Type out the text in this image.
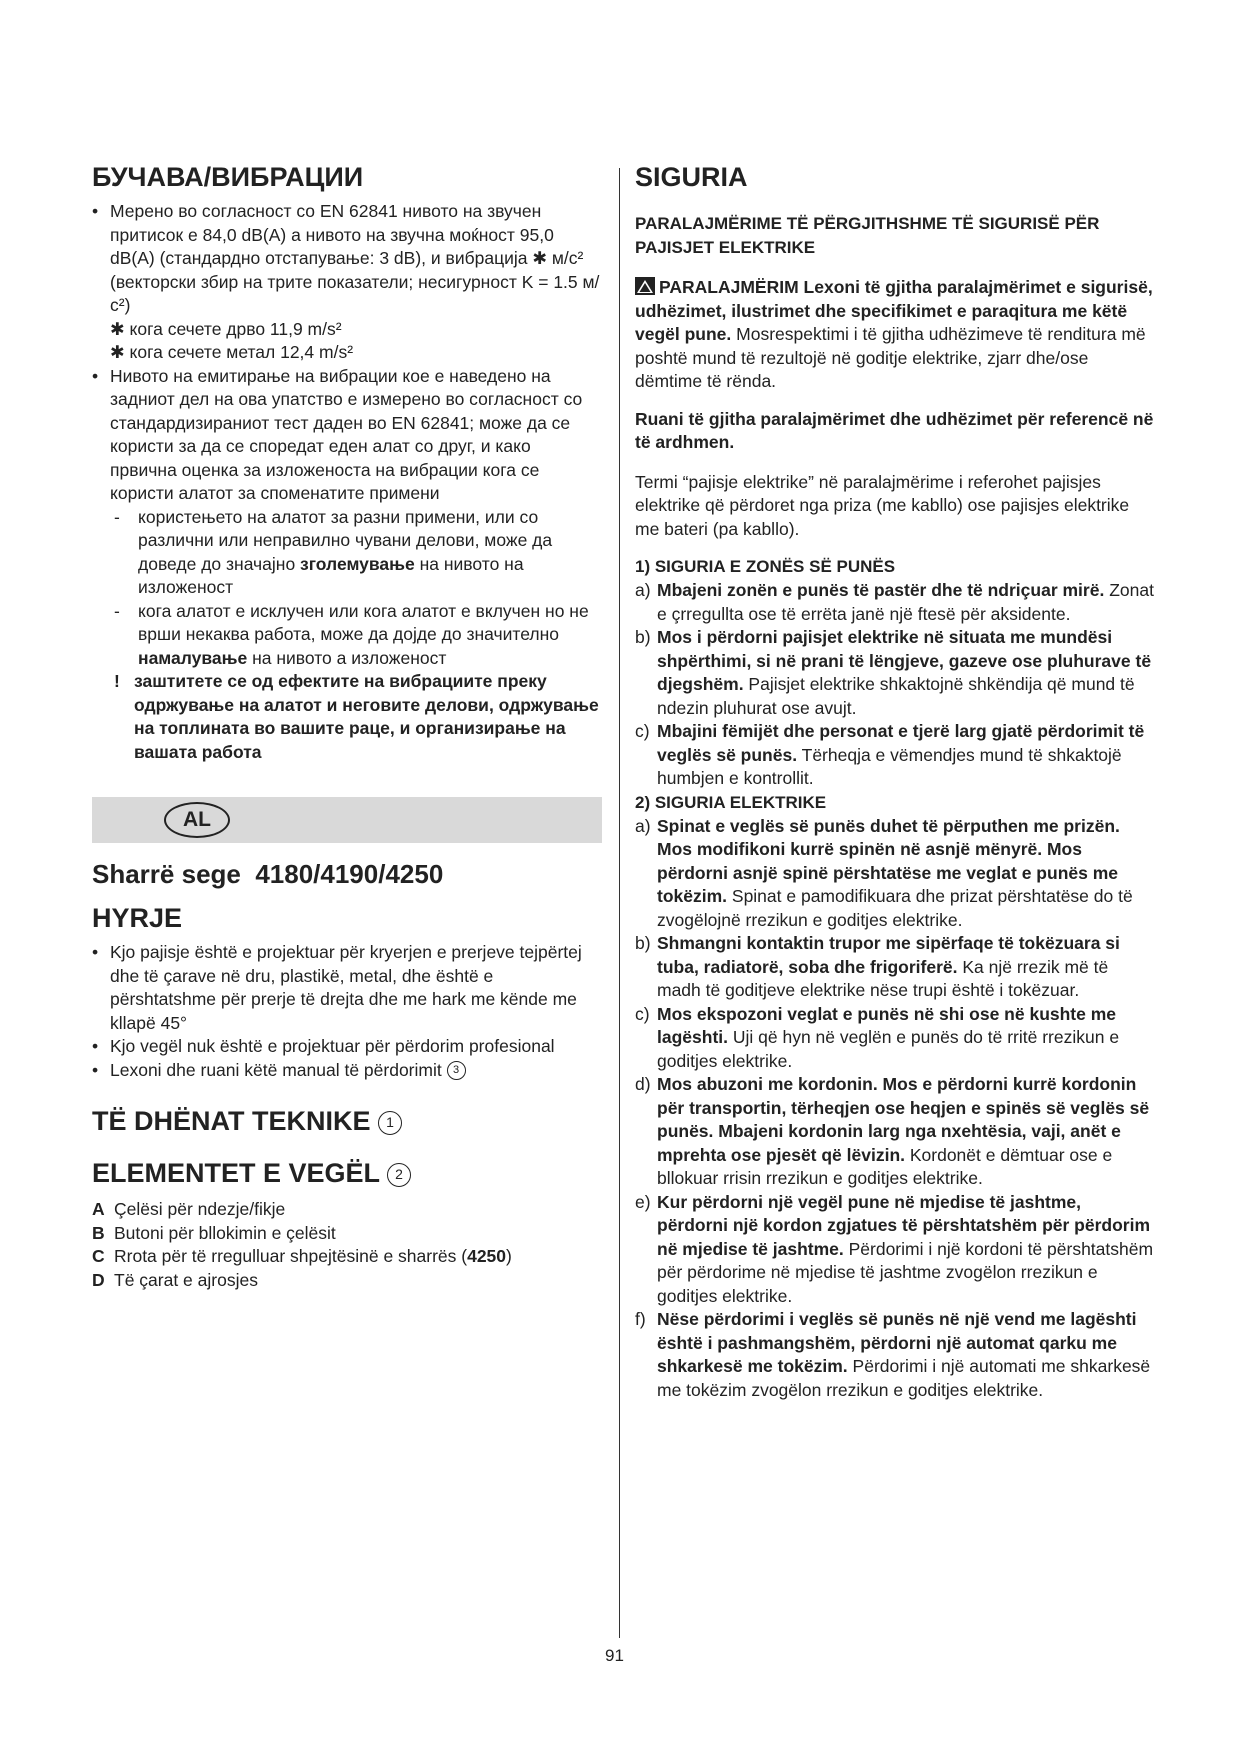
БУЧАВА/ВИБРАЦИИ
• Мерено во согласност со EN 62841 нивото на звучен притисок е 84,0 dB(A) а нивото на звучна моќност 95,0 dB(A) (стандардно отстапување: 3 dB), и вибрација ✱ м/с² (векторски збир на трите показатели; несигурност K = 1.5 м/с²)
✱ кога сечете дрво 11,9 m/s²
✱ кога сечете метал 12,4 m/s²
• Нивото на емитирање на вибрации кое е наведено на задниот дел на ова упатство е измерено во согласност со стандардизираниот тест даден во EN 62841; може да се користи за да се споредат еден алат со друг, и како првична оценка за изложеноста на вибрации кога се користи алатот за споменатите примени
- користењето на алатот за разни примени, или со различни или неправилно чувани делови, може да доведе до значајно зголемување на нивото на изложеност
- кога алатот е исклучен или кога алатот е вклучен но не врши некаква работа, може да дојде до значително намалување на нивото а изложеност
! заштитете се од ефектите на вибрациите преку одржување на алатот и неговите делови, одржување на топлината во вашите раце, и организирање на вашата работа
AL
Sharrë sege  4180/4190/4250
HYRJE
• Kjo pajisje është e projektuar për kryerjen e prerjeve tejpërtej dhe të çarave në dru, plastikë, metal, dhe është e përshtatshme për prerje të drejta dhe me hark me kënde me kllapë 45°
• Kjo vegël nuk është e projektuar për përdorim profesional
• Lexoni dhe ruani këtë manual të përdorimit 3
TË DHËNAT TEKNIKE 1
ELEMENTET E VEGËL 2
A Çelësi për ndezje/fikje
B Butoni për bllokimin e çelësit
C Rrota për të rregulluar shpejtësinë e sharrës (4250)
D Të çarat e ajrosjes
SIGURIA

PARALAJMËRIME TË PËRGJITHSHME TË SIGURISË PËR PAJISJET ELEKTRIKE

PARALAJMËRIM Lexoni të gjitha paralajmërimet e sigurisë, udhëzimet, ilustrimet dhe specifikimet e paraqitura me këtë vegël pune. Mosrespektimi i të gjitha udhëzimeve të renditura më poshtë mund të rezultojë në goditje elektrike, zjarr dhe/ose dëmtime të rënda.

Ruani të gjitha paralajmërimet dhe udhëzimet për referencë në të ardhmen.

Termi “pajisje elektrike” në paralajmërime i referohet pajisjes elektrike që përdoret nga priza (me kabllo) ose pajisjes elektrike me bateri (pa kabllo).

1) SIGURIA E ZONËS SË PUNËS

a) Mbajeni zonën e punës të pastër dhe të ndriçuar mirë. Zonat e çrregullta ose të errëta janë një ftesë për aksidente.
b) Mos i përdorni pajisjet elektrike në situata me mundësi shpërthimi, si në prani të lëngjeve, gazeve ose pluhurave të djegshëm. Pajisjet elektrike shkaktojnë shkëndija që mund të ndezin pluhurat ose avujt.
c) Mbajini fëmijët dhe personat e tjerë larg gjatë përdorimit të veglës së punës. Tërheqja e vëmendjes mund të shkaktojë humbjen e kontrollit.

2) SIGURIA ELEKTRIKE

a) Spinat e veglës së punës duhet të përputhen me prizën. Mos modifikoni kurrë spinën në asnjë mënyrë. Mos përdorni asnjë spinë përshtatëse me veglat e punës me tokëzim. Spinat e pamodifikuara dhe prizat përshtatëse do të zvogëlojnë rrezikun e goditjes elektrike.
b) Shmangni kontaktin trupor me sipërfaqe të tokëzuara si tuba, radiatorë, soba dhe frigoriferë. Ka një rrezik më të madh të goditjeve elektrike nëse trupi është i tokëzuar.
c) Mos ekspozoni veglat e punës në shi ose në kushte me lagështi. Uji që hyn në veglën e punës do të rritë rrezikun e goditjes elektrike.
d) Mos abuzoni me kordonin. Mos e përdorni kurrë kordonin për transportin, tërheqjen ose heqjen e spinës së veglës së punës. Mbajeni kordonin larg nga nxehtësia, vaji, anët e mprehta ose pjesët që lëvizin. Kordonët e dëmtuar ose e bllokuar rrisin rrezikun e goditjes elektrike.
e) Kur përdorni një vegël pune në mjedise të jashtme, përdorni një kordon zgjatues të përshtatshëm për përdorim në mjedise të jashtme. Përdorimi i një kordoni të përshtatshëm për përdorime në mjedise të jashtme zvogëlon rrezikun e goditjes elektrike.
f) Nëse përdorimi i veglës së punës në një vend me lagështi është i pashmangshëm, përdorni një automat qarku me shkarkesë me tokëzim. Përdorimi i një automati me shkarkesë me tokëzim zvogëlon rrezikun e goditjes elektrike.
91
